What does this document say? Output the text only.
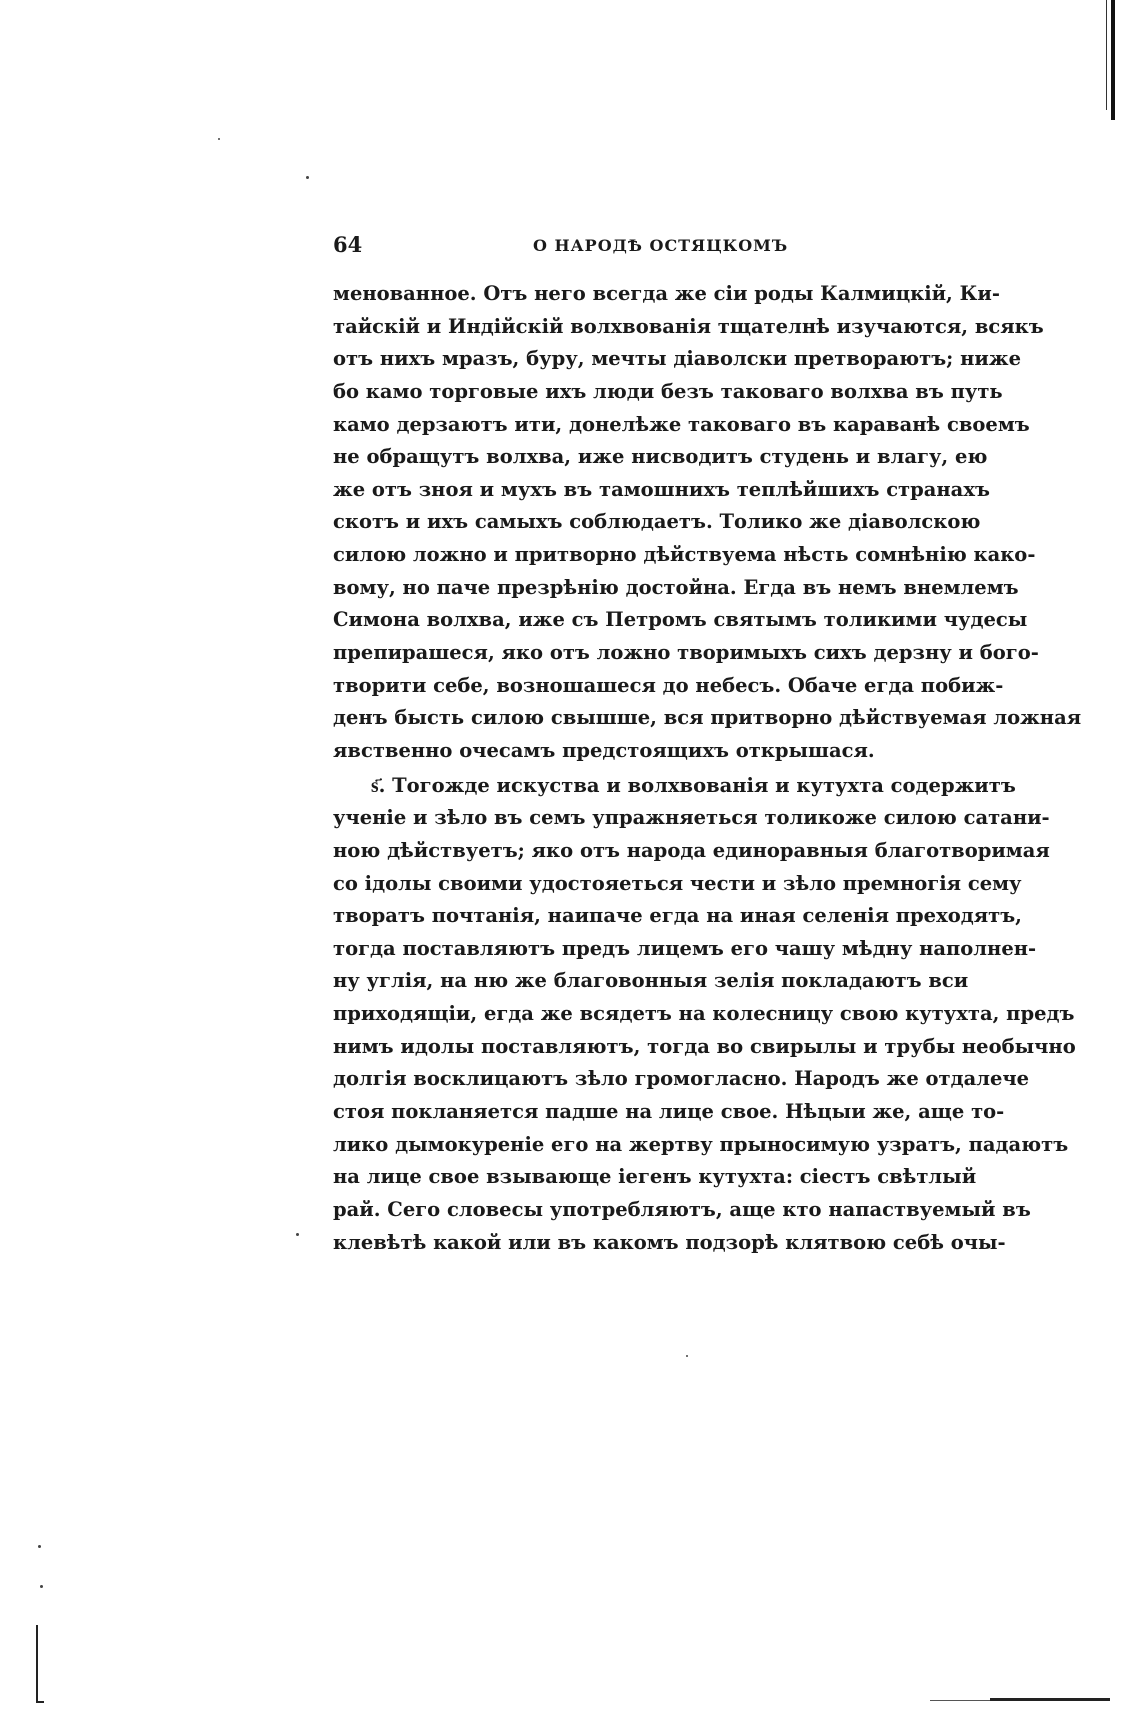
64	О НАРОДѢ ОСТЯЦКОМЪ
менованное. Отъ него всегда же сіи роды Калмицкій, Ки-
тайскій и Индійскій волхвованія тщателнѣ изучаются, всякъ
отъ нихъ мразъ, буру, мечты діаволски претвораютъ; ниже
бо камо торговые ихъ люди безъ таковаго волхва въ путь
камо дерзаютъ ити, донелѣже таковаго въ караванѣ своемъ
не обращутъ волхва, иже нисводитъ студень и влагу, ею
же отъ зноя и мухъ въ тамошнихъ теплѣйшихъ странахъ
скотъ и ихъ самыхъ соблюдаетъ. Толико же діаволскою
силою ложно и притворно дѣйствуема нѣсть сомнѣнію како-
вому, но паче презрѣнію достойна. Егда въ немъ внемлемъ
Симона волхва, иже съ Петромъ святымъ толикими чудесы
препирашеся, яко отъ ложно творимыхъ сихъ дерзну и бого-
творити себе, возношашеся до небесъ. Обаче егда побиж-
денъ бысть силою свышше, вся притворно дѣйствуемая ложная
явственно очесамъ предстоящихъ открышася.
ѕ҃. Тогожде искуства и волхвованія и кутухта содержитъ
ученіе и зѣло въ семъ упражняеться толикоже силою сатани-
ною дѣйствуетъ; яко отъ народа единоравныя благотворимая
со ідолы своими удостояеться чести и зѣло премногія сему
творатъ почтанія, наипаче егда на иная селенія преходятъ,
тогда поставляютъ предъ лицемъ его чашу мѣдну наполнен-
ну углія, на ню же благовонныя зелія покладаютъ вси
приходящіи, егда же всядетъ на колесницу свою кутухта, предъ
нимъ идолы поставляютъ, тогда во свирылы и трубы необычно
долгія восклицаютъ зѣло громогласно. Народъ же отдалече
стоя покланяется падше на лице свое. Нѣцыи же, аще то-
лико дымокуреніе его на жертву прыносимую узратъ, падаютъ
на лице свое взывающе іегенъ кутухта: сіестъ свѣтлый
рай. Сего словесы употребляютъ, аще кто напаствуемый въ
клевѣтѣ какой или въ какомъ подзорѣ клятвою себѣ очы-
